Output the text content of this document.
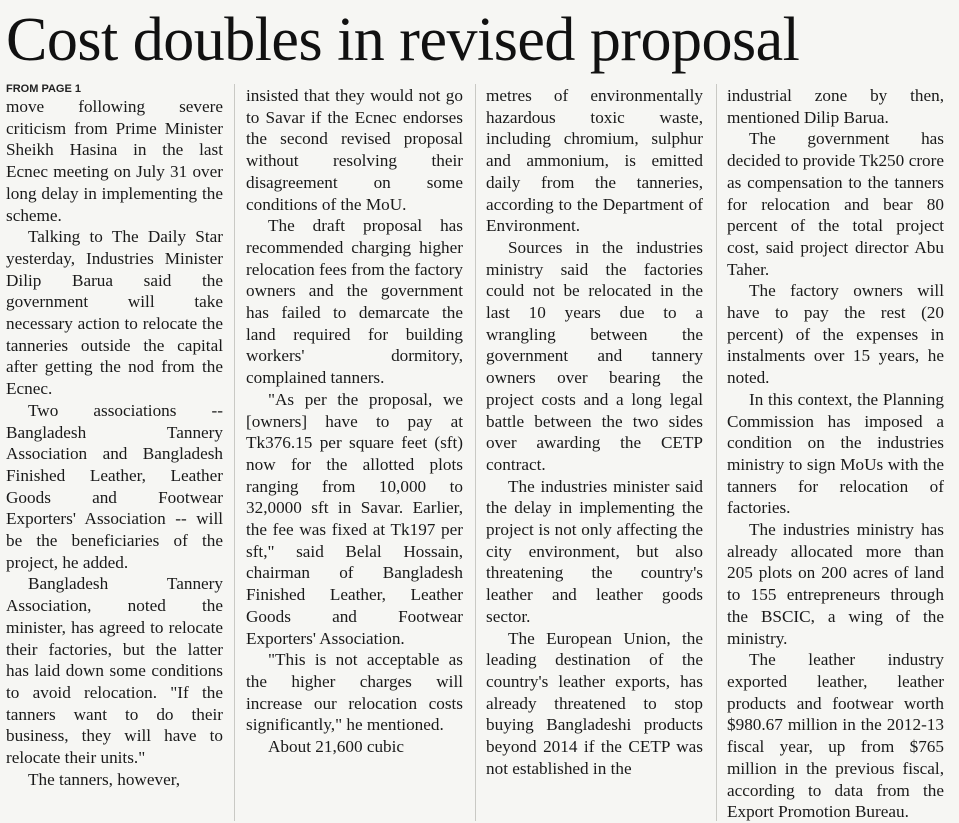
Cost doubles in revised proposal
FROM PAGE 1

move following severe criticism from Prime Minister Sheikh Hasina in the last Ecnec meeting on July 31 over long delay in implementing the scheme.

Talking to The Daily Star yesterday, Industries Minister Dilip Barua said the government will take necessary action to relocate the tanneries outside the capital after getting the nod from the Ecnec.

Two associations -- Bangladesh Tannery Association and Bangladesh Finished Leather, Leather Goods and Footwear Exporters' Association -- will be the beneficiaries of the project, he added.

Bangladesh Tannery Association, noted the minister, has agreed to relocate their factories, but the latter has laid down some conditions to avoid relocation. "If the tanners want to do their business, they will have to relocate their units."

The tanners, however,

insisted that they would not go to Savar if the Ecnec endorses the second revised proposal without resolving their disagreement on some conditions of the MoU.

The draft proposal has recommended charging higher relocation fees from the factory owners and the government has failed to demarcate the land required for building workers' dormitory, complained tanners.

"As per the proposal, we [owners] have to pay at Tk376.15 per square feet (sft) now for the allotted plots ranging from 10,000 to 32,0000 sft in Savar. Earlier, the fee was fixed at Tk197 per sft," said Belal Hossain, chairman of Bangladesh Finished Leather, Leather Goods and Footwear Exporters' Association.

"This is not acceptable as the higher charges will increase our relocation costs significantly," he mentioned.

About 21,600 cubic

metres of environmentally hazardous toxic waste, including chromium, sulphur and ammonium, is emitted daily from the tanneries, according to the Department of Environment.

Sources in the industries ministry said the factories could not be relocated in the last 10 years due to a wrangling between the government and tannery owners over bearing the project costs and a long legal battle between the two sides over awarding the CETP contract.

The industries minister said the delay in implementing the project is not only affecting the city environment, but also threatening the country's leather and leather goods sector.

The European Union, the leading destination of the country's leather exports, has already threatened to stop buying Bangladeshi products beyond 2014 if the CETP was not established in the

industrial zone by then, mentioned Dilip Barua.

The government has decided to provide Tk250 crore as compensation to the tanners for relocation and bear 80 percent of the total project cost, said project director Abu Taher.

The factory owners will have to pay the rest (20 percent) of the expenses in instalments over 15 years, he noted.

In this context, the Planning Commission has imposed a condition on the industries ministry to sign MoUs with the tanners for relocation of factories.

The industries ministry has already allocated more than 205 plots on 200 acres of land to 155 entrepreneurs through the BSCIC, a wing of the ministry.

The leather industry exported leather, leather products and footwear worth $980.67 million in the 2012-13 fiscal year, up from $765 million in the previous fiscal, according to data from the Export Promotion Bureau.
